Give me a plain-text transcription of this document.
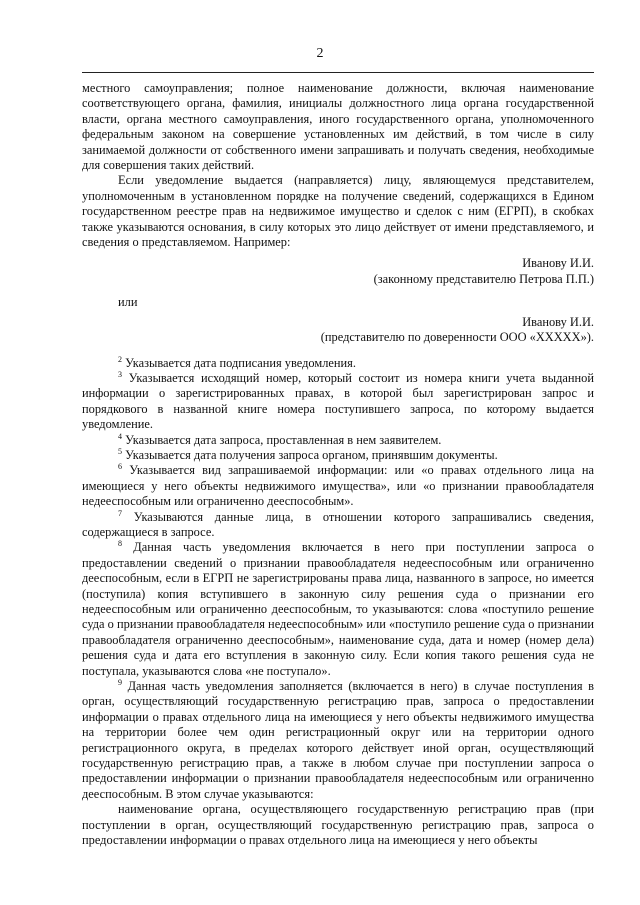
2

местного самоуправления; полное наименование должности, включая наименование соответствующего органа, фамилия, инициалы должностного лица органа государственной власти, органа местного самоуправления, иного государственного органа, уполномоченного федеральным законом на совершение установленных им действий, в том числе в силу занимаемой должности от собственного имени запрашивать и получать сведения, необходимые для совершения таких действий.

Если уведомление выдается (направляется) лицу, являющемуся представителем, уполномоченным в установленном порядке на получение сведений, содержащихся в Едином государственном реестре прав на недвижимое имущество и сделок с ним (ЕГРП), в скобках также указываются основания, в силу которых это лицо действует от имени представляемого, и сведения о представляемом. Например:

Иванову И.И.

(законному представителю Петрова П.П.)

или

Иванову И.И.

(представителю по доверенности ООО «XXXXX»).

$^2$ Указывается дата подписания уведомления.

$^3$ Указывается исходящий номер, который состоит из номера книги учета выданной информации о зарегистрированных правах, в которой был зарегистрирован запрос и порядкового в названной книге номера поступившего запроса, по которому выдается уведомление.

$^4$ Указывается дата запроса, проставленная в нем заявителем.

$^5$ Указывается дата получения запроса органом, принявшим документы.

$^6$ Указывается вид запрашиваемой информации: или «о правах отдельного лица на имеющиеся у него объекты недвижимого имущества», или «о признании правообладателя недееспособным или ограниченно дееспособным».

$^7$ Указываются данные лица, в отношении которого запрашивались сведения, содержащиеся в запросе.

$^8$ Данная часть уведомления включается в него при поступлении запроса о предоставлении сведений о признании правообладателя недееспособным или ограниченно дееспособным, если в ЕГРП не зарегистрированы права лица, названного в запросе, но имеется (поступила) копия вступившего в законную силу решения суда о признании его недееспособным или ограниченно дееспособным, то указываются: слова «поступило решение суда о признании правообладателя недееспособным» или «поступило решение суда о признании правообладателя ограниченно дееспособным», наименование суда, дата и номер (номер дела) решения суда и дата его вступления в законную силу. Если копия такого решения суда не поступала, указываются слова «не поступало».

$^9$ Данная часть уведомления заполняется (включается в него) в случае поступления в орган, осуществляющий государственную регистрацию прав, запроса о предоставлении информации о правах отдельного лица на имеющиеся у него объекты недвижимого имущества на территории более чем один регистрационный округ или на территории одного регистрационного округа, в пределах которого действует иной орган, осуществляющий государственную регистрацию прав, а также в любом случае при поступлении запроса о предоставлении информации о признании правообладателя недееспособным или ограниченно дееспособным. В этом случае указываются:

наименование органа, осуществляющего государственную регистрацию прав (при поступлении в орган, осуществляющий государственную регистрацию прав, запроса о предоставлении информации о правах отдельного лица на имеющиеся у него объекты
